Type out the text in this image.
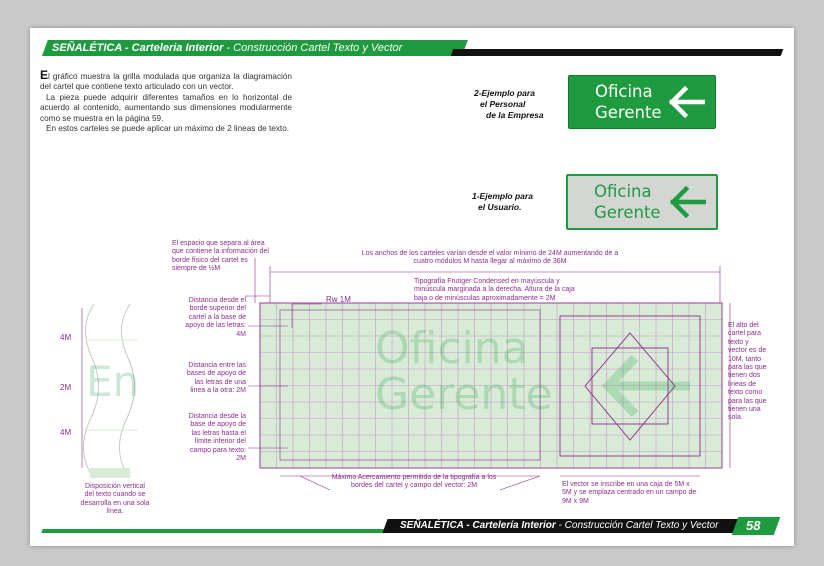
SEÑALÉTICA - Carteleria Interior - Construcción Cartel Texto y Vector

El gráfico muestra la grilla modulada que organiza la diagramación del cartel que contiene texto articulado con un vector.

La pieza puede adquirir diferentes tamaños en lo horizontal de acuerdo al contenido, aumentando sus dimensiones modularmente como se muestra en la página 59.

En estos carteles se puede aplicar un máximo de 2 lineas de texto.

2-Ejemplo para
el Personal
de la Empresa
1-Ejemplo para
el Usuario.
Oficina
Gerente
Oficina
Gerente
Oficina
Gerente
En
El espacio que separa al área que contiene la información del borde físico del cartel es siempre de ½M
Los anchos de los carteles varían desde el valor mínimo de 24M aumentando de a cuatro módulos M hasta llegar al máximo de 36M
Rw 1M
Tipografía Frutiger Condensed en mayúscula y minúscula marginada a la derecha. Altura de la caja baja o de minúsculas aproximadamente = 2M
Distancia desde el borde superior del cartel a la base de apoyo de las letras: 4M
Distancia entre las bases de apoyo de las letras de una linea a la otra: 2M
Distancia desde la base de apoyo de las letras hasta el límite inferior del campo para texto: 2M
El alto del cartel para texto y vector es de 10M, tanto para las que tienen dos lineas de texto como para las que tienen una sola.
Máximo Acercamiento permitido de la tipografía a los bordes del cartel y campo del vector: 2M	El vector se inscribe en una caja de 5M x 5M y se emplaza centrado en un campo de 9M x 9M
Disposición vertical del texto cuando se desarrolla en una sola línea.
4M
2M
4M
SEÑALÉTICA - Cartelería Interior - Construcción Cartel Texto y Vector 58
